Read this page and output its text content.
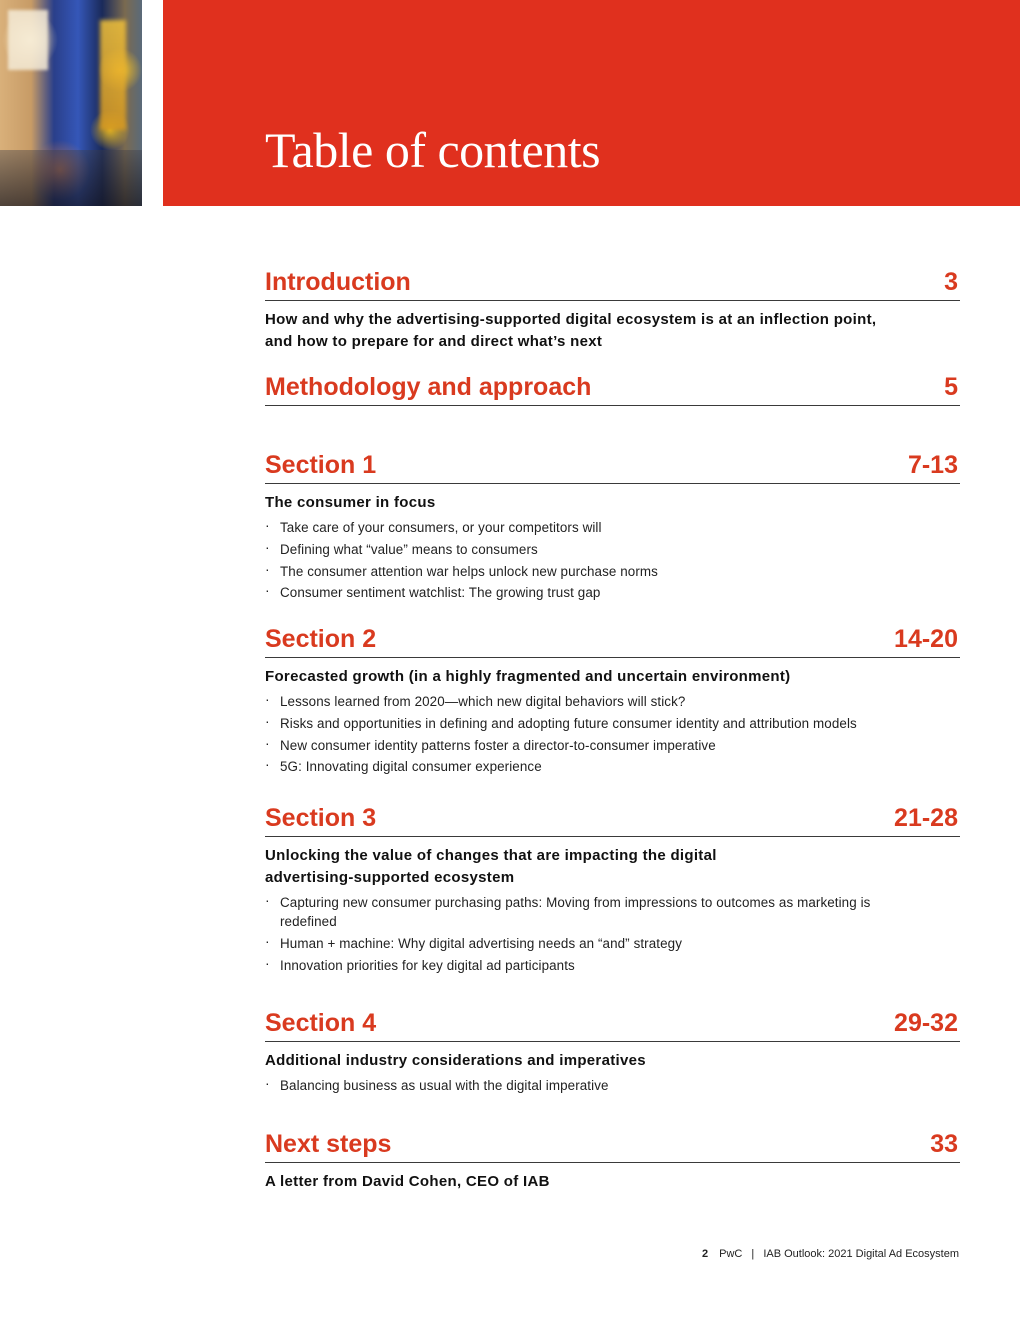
Table of contents
Introduction	3
How and why the advertising-supported digital ecosystem is at an inflection point, and how to prepare for and direct what’s next
Methodology and approach	5
Section 1	7-13
The consumer in focus
· Take care of your consumers, or your competitors will
· Defining what “value” means to consumers
· The consumer attention war helps unlock new purchase norms
· Consumer sentiment watchlist: The growing trust gap
Section 2	14-20
Forecasted growth (in a highly fragmented and uncertain environment)
· Lessons learned from 2020—which new digital behaviors will stick?
· Risks and opportunities in defining and adopting future consumer identity and attribution models
· New consumer identity patterns foster a director-to-consumer imperative
· 5G: Innovating digital consumer experience
Section 3	21-28
Unlocking the value of changes that are impacting the digital advertising-supported ecosystem
· Capturing new consumer purchasing paths: Moving from impressions to outcomes as marketing is redefined
· Human + machine: Why digital advertising needs an “and” strategy
· Innovation priorities for key digital ad participants
Section 4	29-32
Additional industry considerations and imperatives
· Balancing business as usual with the digital imperative
Next steps	33
A letter from David Cohen, CEO of IAB
2 PwC | IAB Outlook: 2021 Digital Ad Ecosystem
